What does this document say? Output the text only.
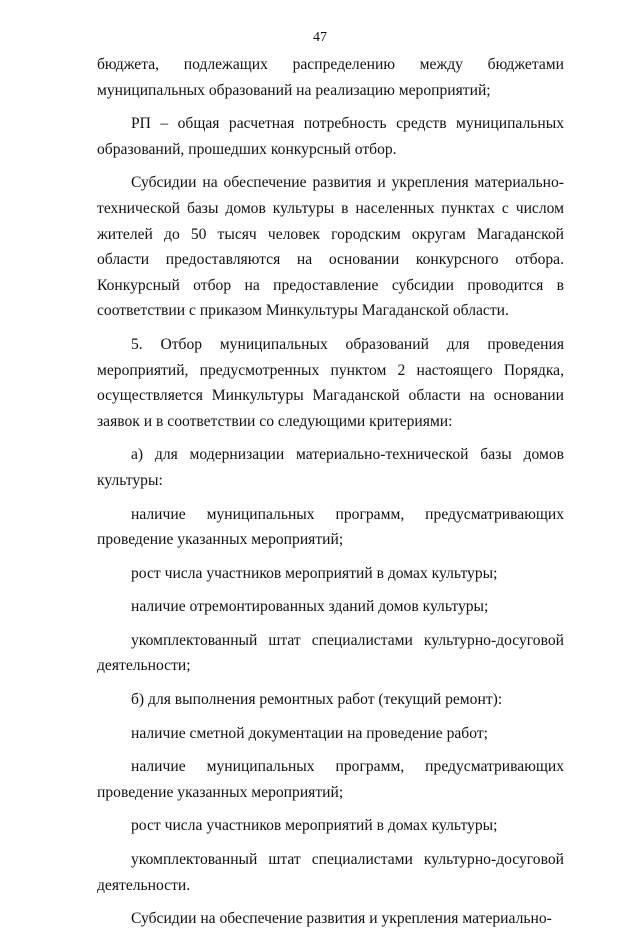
47

бюджета, подлежащих распределению между бюджетами муниципальных образований на реализацию мероприятий;

РП – общая расчетная потребность средств муниципальных образований, прошедших конкурсный отбор.

Субсидии на обеспечение развития и укрепления материально-технической базы домов культуры в населенных пунктах с числом жителей до 50 тысяч человек городским округам Магаданской области предоставляются на основании конкурсного отбора. Конкурсный отбор на предоставление субсидии проводится в соответствии с приказом Минкультуры Магаданской области.

5. Отбор муниципальных образований для проведения мероприятий, предусмотренных пунктом 2 настоящего Порядка, осуществляется Минкультуры Магаданской области на основании заявок и в соответствии со следующими критериями:

а) для модернизации материально-технической базы домов культуры:

наличие муниципальных программ, предусматривающих проведение указанных мероприятий;

рост числа участников мероприятий в домах культуры;

наличие отремонтированных зданий домов культуры;

укомплектованный штат специалистами культурно-досуговой деятельности;

б) для выполнения ремонтных работ (текущий ремонт):

наличие сметной документации на проведение работ;

наличие муниципальных программ, предусматривающих проведение указанных мероприятий;

рост числа участников мероприятий в домах культуры;

укомплектованный штат специалистами культурно-досуговой деятельности.

Субсидии на обеспечение развития и укрепления материально-
